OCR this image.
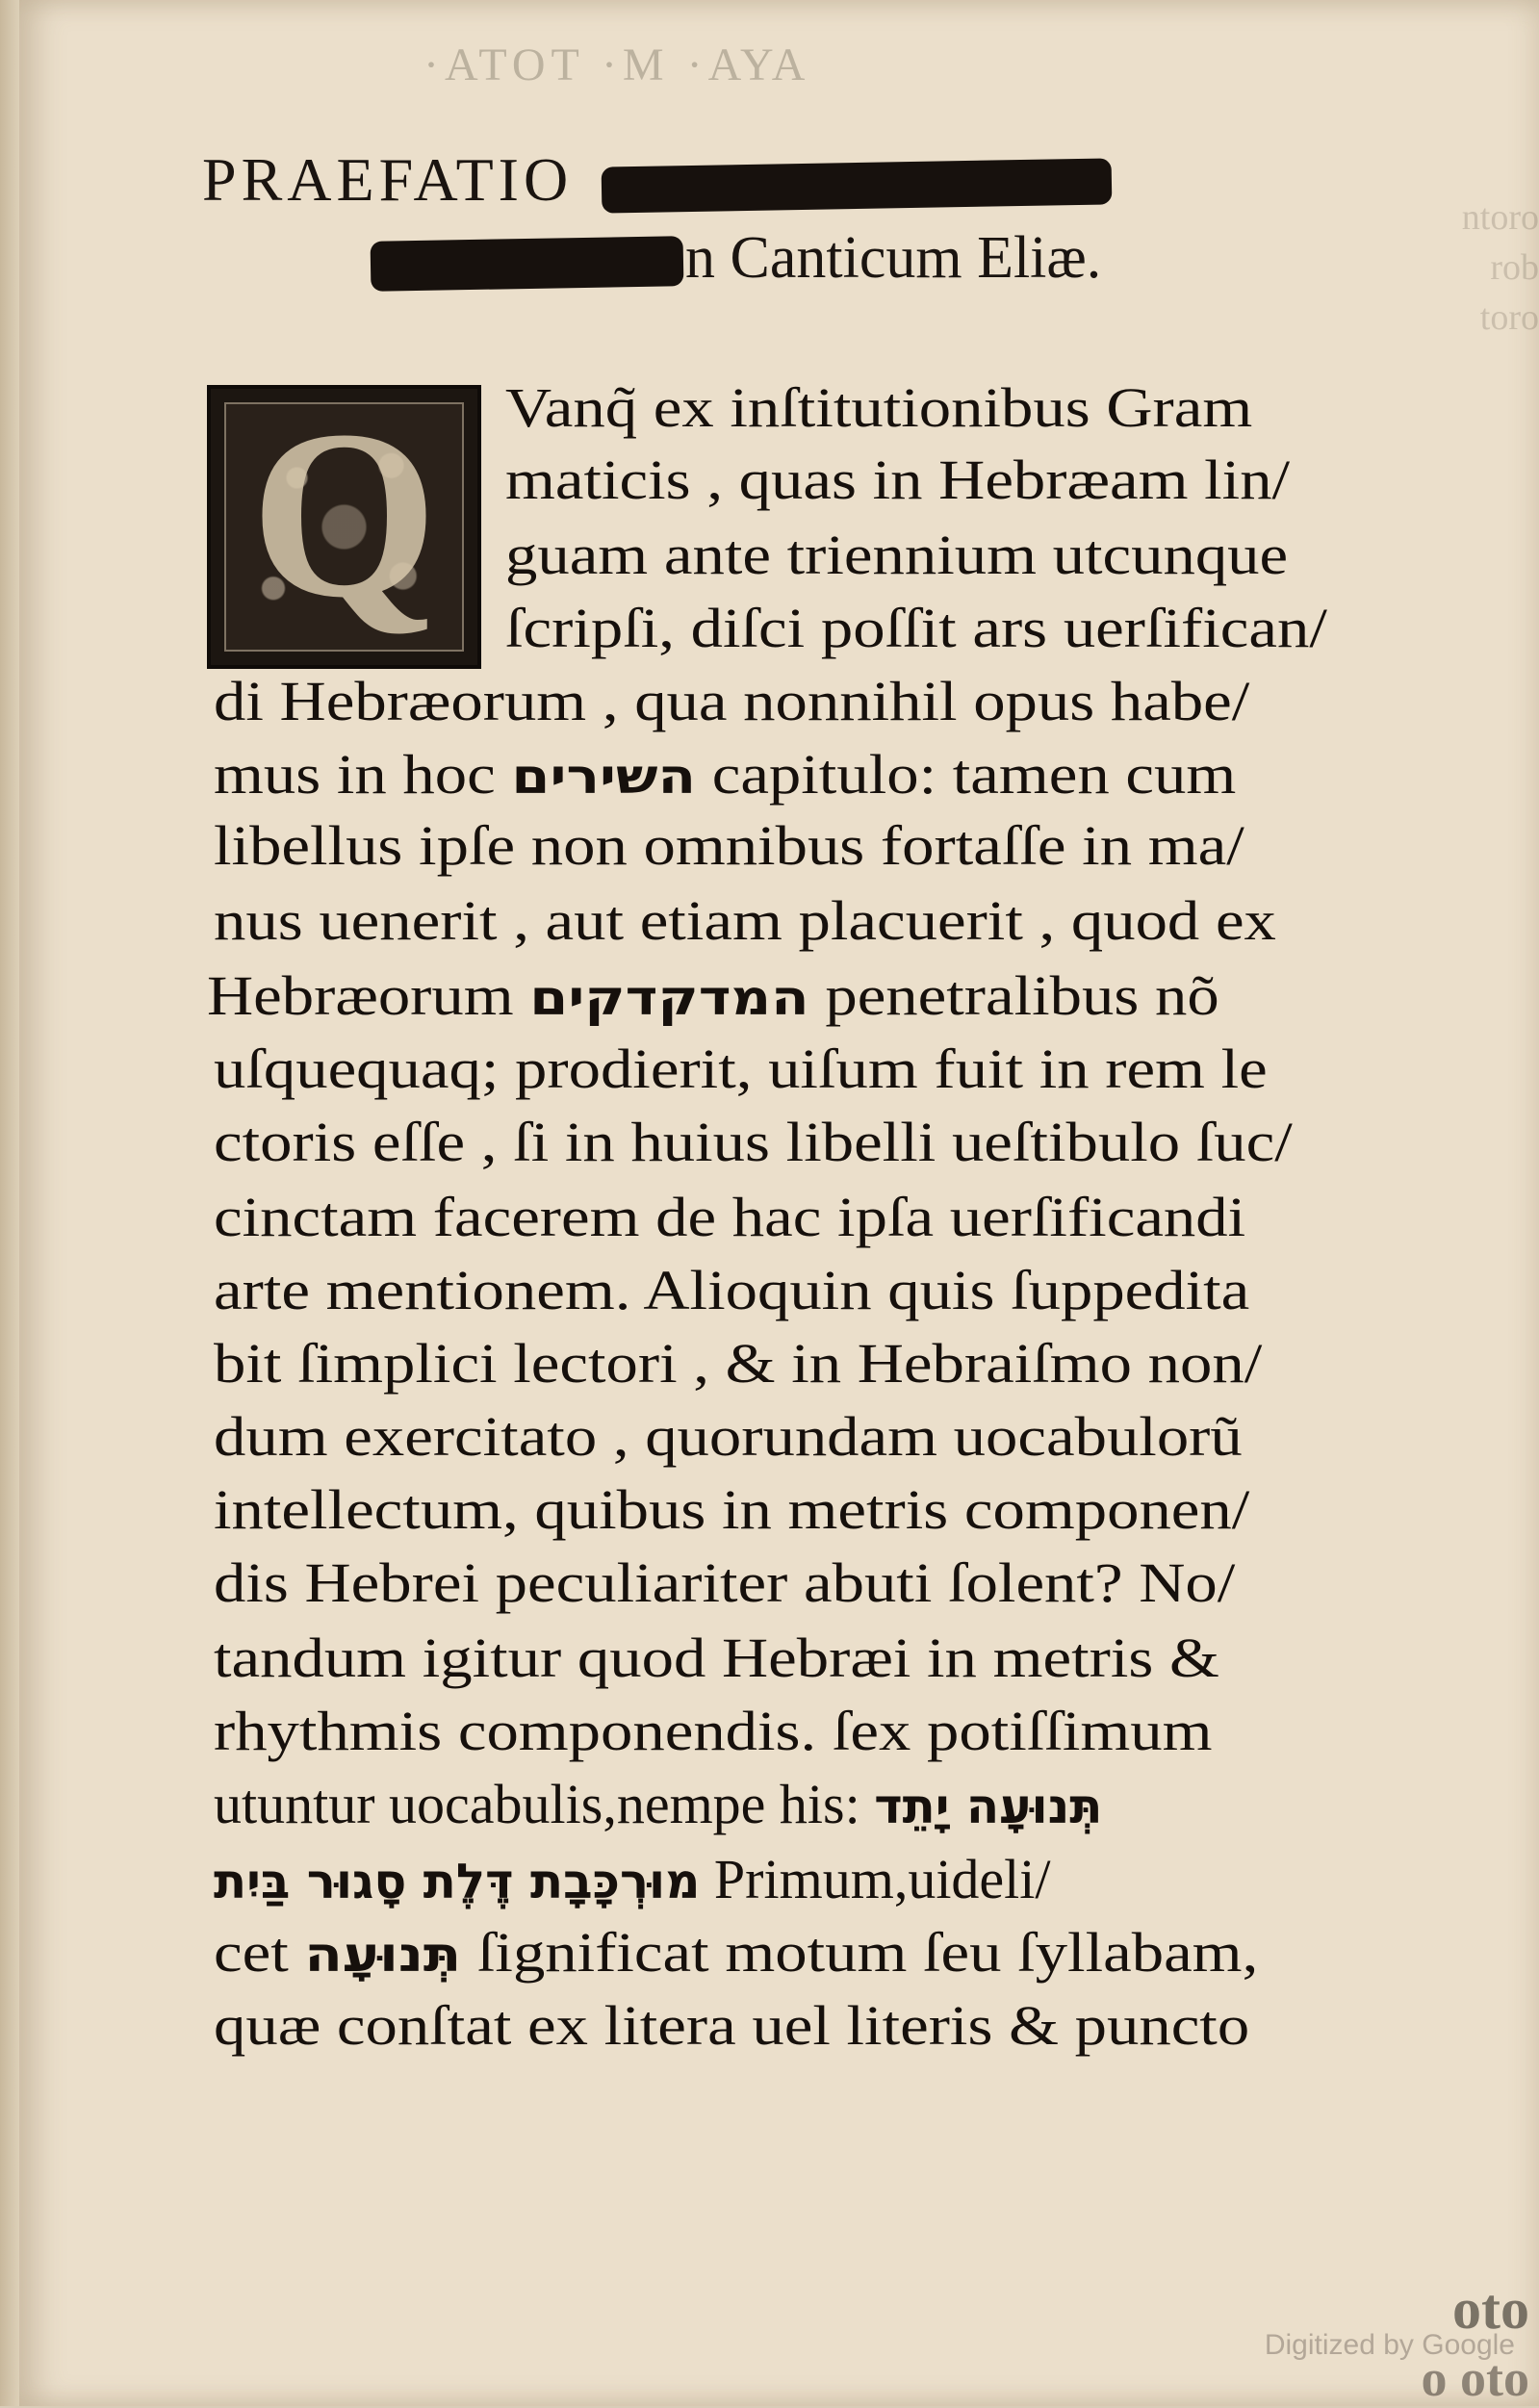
·ΑΤΟΤ ·Μ ·ΑΥΑ
ntoro
rob
toro
PRAEFATIO
n Canticum Eliæ.
Q	Vanq̃ ex inſtitutionibus Gram
maticis , quas in Hebræam lin/
guam ante triennium utcunque
ſcripſi, diſci poſſit ars uerſifican/
di Hebræorum , qua nonnihil opus habe/
mus in hoc השירים capitulo: tamen cum
libellus ipſe non omnibus fortaſſe in ma/
nus uenerit , aut etiam placuerit , quod ex
Hebræorum המדקדקים penetralibus nõ
uſquequaq; prodierit, uiſum fuit in rem le
ctoris eſſe , ſi in huius libelli ueſtibulo ſuc/
cinctam facerem de hac ipſa uerſificandi
arte mentionem. Alioquin quis ſuppedita
bit ſimplici lectori , & in Hebraiſmo non/
dum exercitato , quorundam uocabulorũ
intellectum, quibus in metris componen/
dis Hebrei peculiariter abuti ſolent? No/
tandum igitur quod Hebræi in metris &
rhythmis componendis. ſex potiſſimum
utuntur uocabulis,nempe his: תְּנוּעָה יָתֵד
מוּרְכָּבָת דֶּלֶת סָגוּר בַּיִת Primum,uideli/
cet תְּנוּעָה ſignificat motum ſeu ſyllabam,
quæ conſtat ex litera uel literis & puncto
oto
o oto
Digitized by Google
